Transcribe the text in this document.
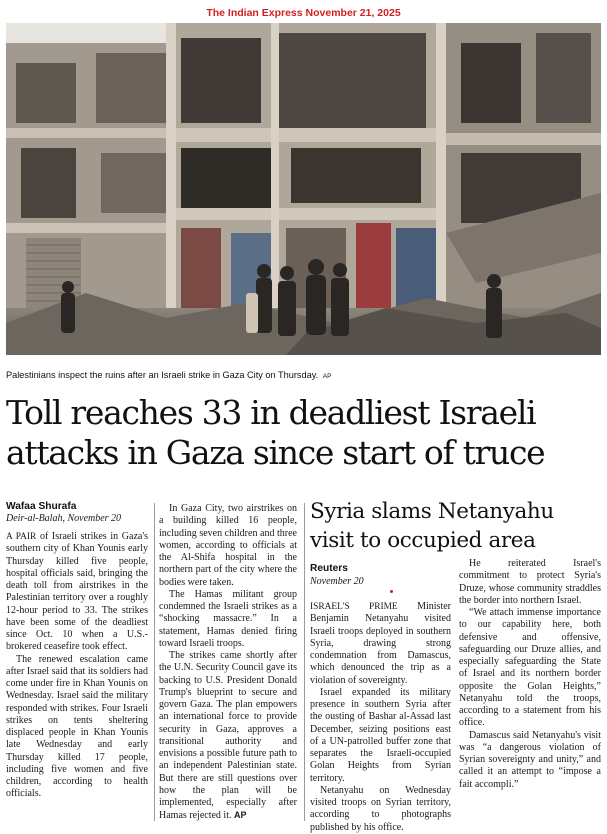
The Indian Express November 21, 2025
Palestinians inspect the ruins after an Israeli strike in Gaza City on Thursday. AP
Toll reaches 33 in deadliest Israeli attacks in Gaza since start of truce
Wafaa Shurafa
Deir-al-Balah, November 20

A PAIR of Israeli strikes in Gaza's southern city of Khan Younis early Thursday killed five people, hospital officials said, bringing the death toll from airstrikes in the Palestinian territory over a roughly 12-hour period to 33. The strikes have been some of the deadliest since Oct. 10 when a U.S.-brokered ceasefire took effect.

The renewed escalation came after Israel said that its soldiers had come under fire in Khan Younis on Wednesday. Israel said the military responded with strikes. Four Israeli strikes on tents sheltering displaced people in Khan Younis late Wednesday and early Thursday killed 17 people, including five women and five children, according to health officials.

In Gaza City, two airstrikes on a building killed 16 people, including seven children and three women, according to officials at the Al-Shifa hospital in the northern part of the city where the bodies were taken.

The Hamas militant group condemned the Israeli strikes as a “shocking massacre.” In a statement, Hamas denied firing toward Israeli troops.

The strikes came shortly after the U.N. Security Council gave its backing to U.S. President Donald Trump's blueprint to secure and govern Gaza. The plan empowers an international force to provide security in Gaza, approves a transitional authority and envisions a possible future path to an independent Palestinian state. But there are still questions over how the plan will be implemented, especially after Hamas rejected it. AP

Syria slams Netanyahu visit to occupied area
Reuters
November 20

ISRAEL'S PRIME Minister Benjamin Netanyahu visited Israeli troops deployed in southern Syria, drawing strong condemnation from Damascus, which denounced the trip as a violation of sovereignty.

Israel expanded its military presence in southern Syria after the ousting of Bashar al-Assad last December, seizing positions east of a UN-patrolled buffer zone that separates the Israeli-occupied Golan Heights from Syrian territory.

Netanyahu on Wednesday visited troops on Syrian territory, according to photographs published by his office.

He reiterated Israel's commitment to protect Syria's Druze, whose community straddles the border into northern Israel.

“We attach immense importance to our capability here, both defensive and offensive, safeguarding our Druze allies, and especially safeguarding the State of Israel and its northern border opposite the Golan Heights,” Netanyahu told the troops, according to a statement from his office.

Damascus said Netanyahu's visit was “a dangerous violation of Syrian sovereignty and unity,” and called it an attempt to “impose a fait accompli.”
